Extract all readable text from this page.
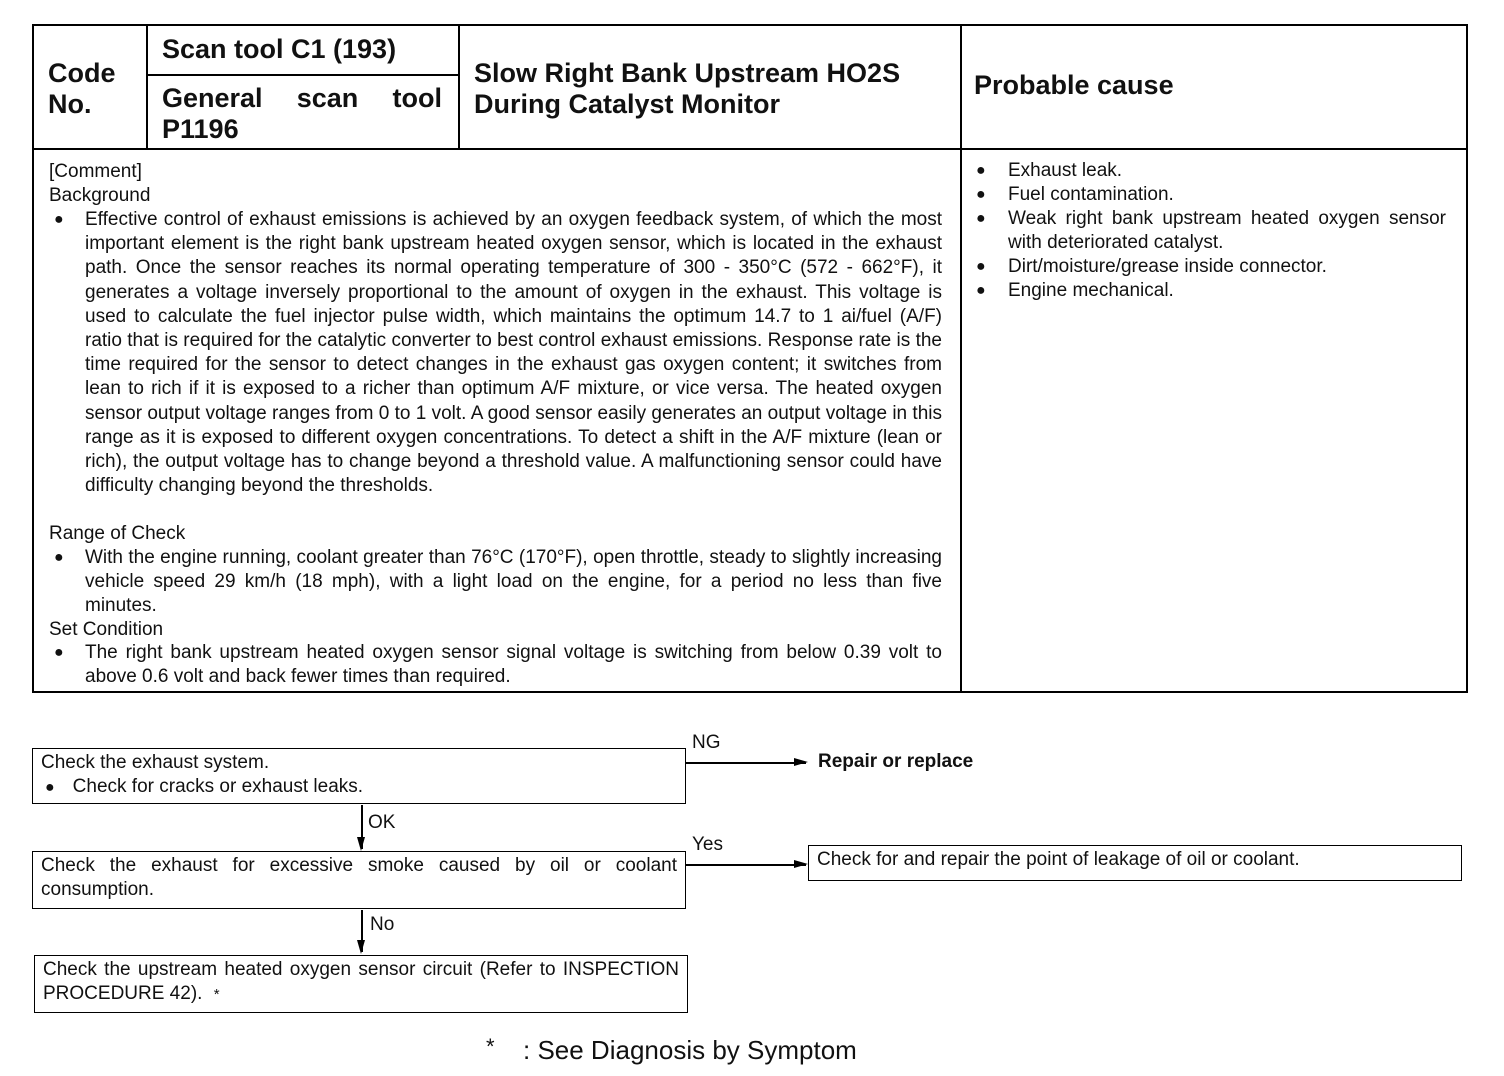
Code No.
Scan tool C1 (193)
General scan tool P1196
Slow Right Bank Upstream HO2S During Catalyst Monitor
Probable cause
[Comment]
Background
● Effective control of exhaust emissions is achieved by an oxygen feedback system, of which the most important element is the right bank upstream heated oxygen sensor, which is located in the exhaust path. Once the sensor reaches its normal operating temperature of 300 - 350°C (572 - 662°F), it generates a voltage inversely proportional to the amount of oxygen in the exhaust. This voltage is used to calculate the fuel injector pulse width, which maintains the optimum 14.7 to 1 ai/fuel (A/F) ratio that is required for the catalytic converter to best control exhaust emissions. Response rate is the time required for the sensor to detect changes in the exhaust gas oxygen content; it switches from lean to rich if it is exposed to a richer than optimum A/F mixture, or vice versa. The heated oxygen sensor output voltage ranges from 0 to 1 volt. A good sensor easily generates an output voltage in this range as it is exposed to different oxygen concentrations. To detect a shift in the A/F mixture (lean or rich), the output voltage has to change beyond a threshold value. A malfunctioning sensor could have difficulty changing beyond the thresholds.
Range of Check
● With the engine running, coolant greater than 76°C (170°F), open throttle, steady to slightly increasing vehicle speed 29 km/h (18 mph), with a light load on the engine, for a period no less than five minutes.
Set Condition
● The right bank upstream heated oxygen sensor signal voltage is switching from below 0.39 volt to above 0.6 volt and back fewer times than required.
● Exhaust leak.
● Fuel contamination.
● Weak right bank upstream heated oxygen sensor with deteriorated catalyst.
● Dirt/moisture/grease inside connector.
● Engine mechanical.
Check the exhaust system.
● Check for cracks or exhaust leaks.
NG
Repair or replace
OK
Check the exhaust for excessive smoke caused by oil or coolant consumption.
Yes
Check for and repair the point of leakage of oil or coolant.
No
Check the upstream heated oxygen sensor circuit (Refer to INSPECTION PROCEDURE 42). *
* : See Diagnosis by Symptom
